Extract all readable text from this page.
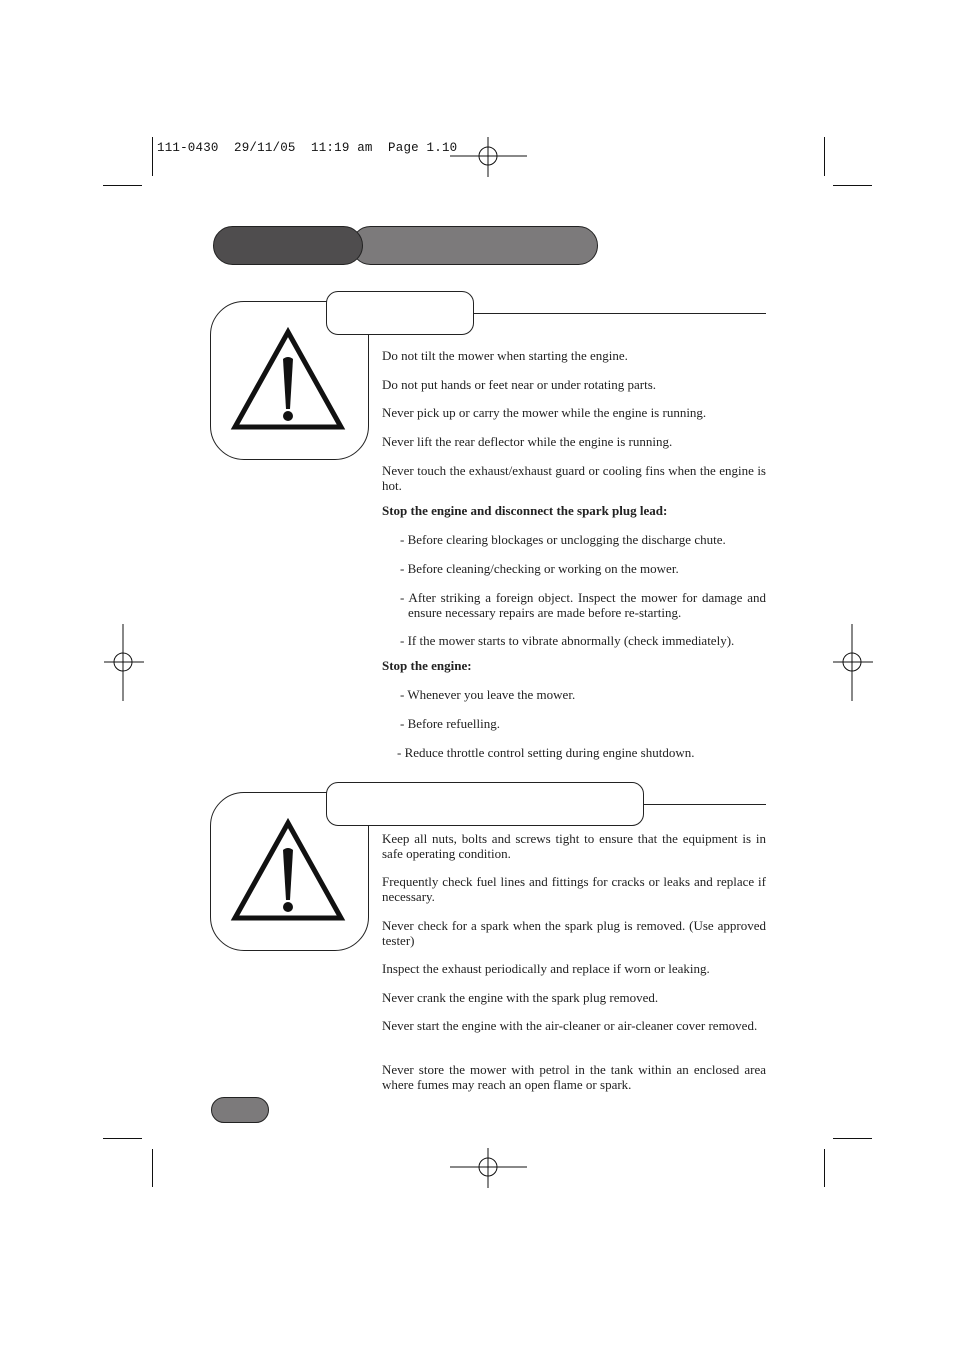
111-0430  29/11/05  11:19 am  Page 1.10

Do not tilt the mower when starting the engine.

Do not put hands or feet near or under rotating parts.

Never pick up or carry the mower while the engine is running.

Never lift the rear deflector while the engine is running.

Never touch the exhaust/exhaust guard or cooling fins when the engine is hot.

Stop the engine and disconnect the spark plug lead:

- Before clearing blockages or unclogging the discharge chute.

- Before cleaning/checking or working on the mower.

- After striking a foreign object. Inspect the mower for damage and ensure necessary repairs are made before re-starting.

- If the mower starts to vibrate abnormally (check immediately).

Stop the engine:

- Whenever you leave the mower.

- Before refuelling.

- Reduce throttle control setting during engine shutdown.

Keep all nuts, bolts and screws tight to ensure that the equipment is in safe operating condition.

Frequently check fuel lines and fittings for cracks or leaks and replace if necessary.

Never check for a spark when the spark plug is removed. (Use approved tester)

Inspect the exhaust periodically and replace if worn or leaking.

Never crank the engine with the spark plug removed.

Never start the engine with the air-cleaner or air-cleaner cover removed.

Never store the mower with petrol in the tank within an enclosed area where fumes may reach an open flame or spark.
